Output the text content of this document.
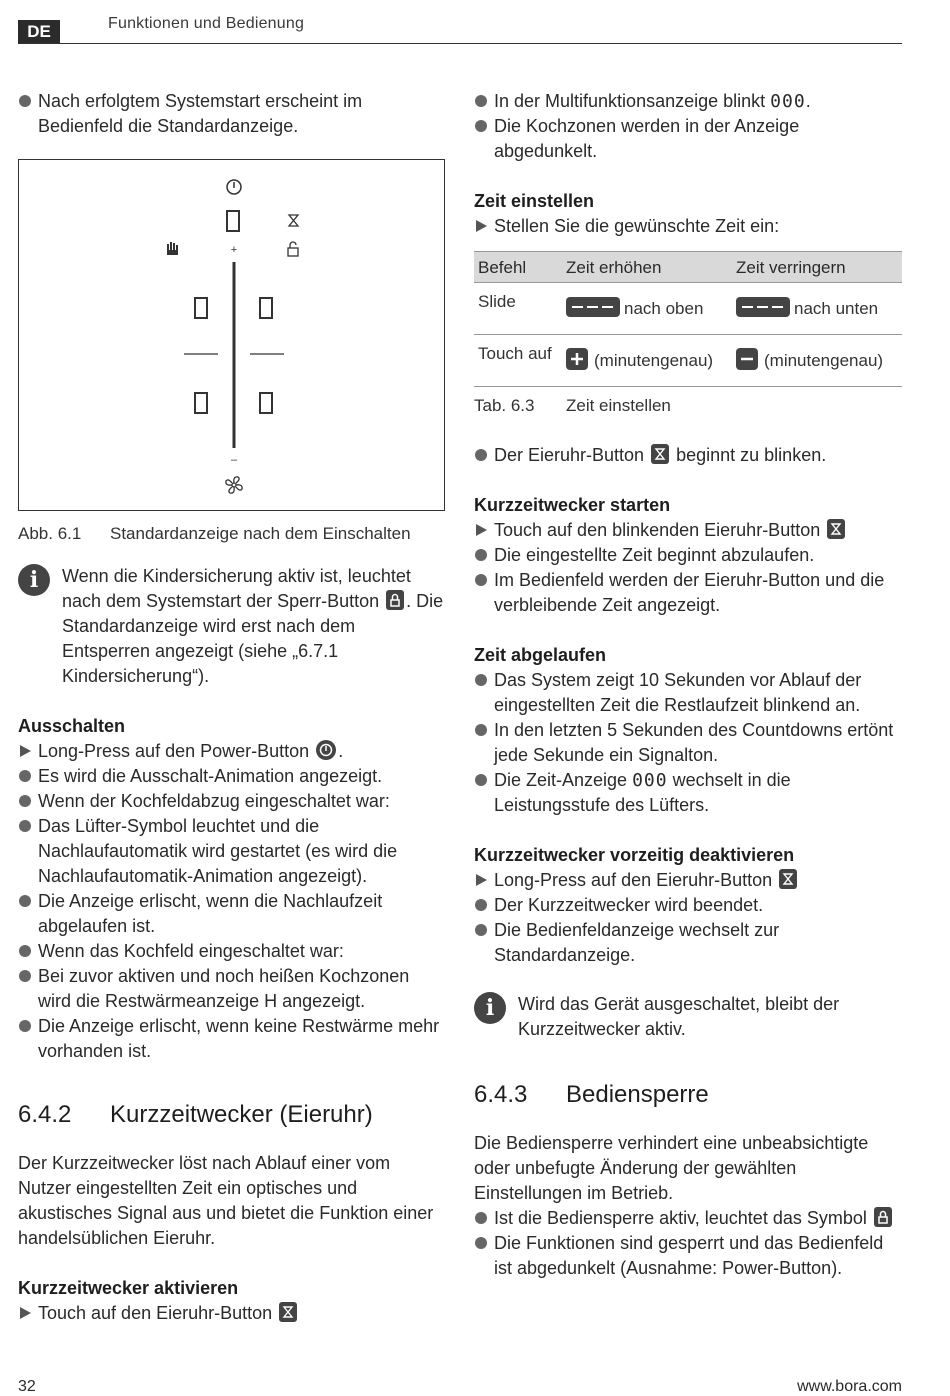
DE	Funktionen und Bedienung

Nach erfolgtem Systemstart erscheint im Bedienfeld die Standardanzeige.

+
–

Abb. 6.1 Standardanzeige nach dem Einschalten

i	Wenn die Kindersicherung aktiv ist, leuchtet nach dem Systemstart der Sperr-Button . Die Standardanzeige wird erst nach dem Entsperren angezeigt (siehe „6.7.1 Kindersicherung“).

Ausschalten

Long-Press auf den Power-Button .

Es wird die Ausschalt-Animation angezeigt.

Wenn der Kochfeldabzug eingeschaltet war:

Das Lüfter-Symbol leuchtet und die Nachlaufautomatik wird gestartet (es wird die Nachlaufautomatik-Animation angezeigt).

Die Anzeige erlischt, wenn die Nachlaufzeit abgelaufen ist.

Wenn das Kochfeld eingeschaltet war:

Bei zuvor aktiven und noch heißen Kochzonen wird die Restwärmeanzeige H angezeigt.

Die Anzeige erlischt, wenn keine Restwärme mehr vorhanden ist.

6.4.2 Kurzzeitwecker (Eieruhr)

Der Kurzzeitwecker löst nach Ablauf einer vom Nutzer eingestellten Zeit ein optisches und akustisches Signal aus und bietet die Funktion einer handelsüblichen Eieruhr.

Kurzzeitwecker aktivieren

Touch auf den Eieruhr-Button

In der Multifunktionsanzeige blinkt 000.

Die Kochzonen werden in der Anzeige abgedunkelt.

Zeit einstellen

Stellen Sie die gewünschte Zeit ein:

Befehl	Zeit erhöhen	Zeit verringern
Slide	nach oben	nach unten
Touch auf	(minutengenau)	(minutengenau)

Tab. 6.3 Zeit einstellen

Der Eieruhr-Button beginnt zu blinken.

Kurzzeitwecker starten

Touch auf den blinkenden Eieruhr-Button

Die eingestellte Zeit beginnt abzulaufen.

Im Bedienfeld werden der Eieruhr-Button und die verbleibende Zeit angezeigt.

Zeit abgelaufen

Das System zeigt 10 Sekunden vor Ablauf der eingestellten Zeit die Restlaufzeit blinkend an.

In den letzten 5 Sekunden des Countdowns ertönt jede Sekunde ein Signalton.

Die Zeit-Anzeige 000 wechselt in die Leistungsstufe des Lüfters.

Kurzzeitwecker vorzeitig deaktivieren

Long-Press auf den Eieruhr-Button

Der Kurzzeitwecker wird beendet.

Die Bedienfeldanzeige wechselt zur Standardanzeige.

i	Wird das Gerät ausgeschaltet, bleibt der Kurzzeitwecker aktiv.

6.4.3 Bediensperre

Die Bediensperre verhindert eine unbeabsichtigte oder unbefugte Änderung der gewählten Einstellungen im Betrieb.

Ist die Bediensperre aktiv, leuchtet das Symbol

Die Funktionen sind gesperrt und das Bedienfeld ist abgedunkelt (Ausnahme: Power-Button).

32	www.bora.com
